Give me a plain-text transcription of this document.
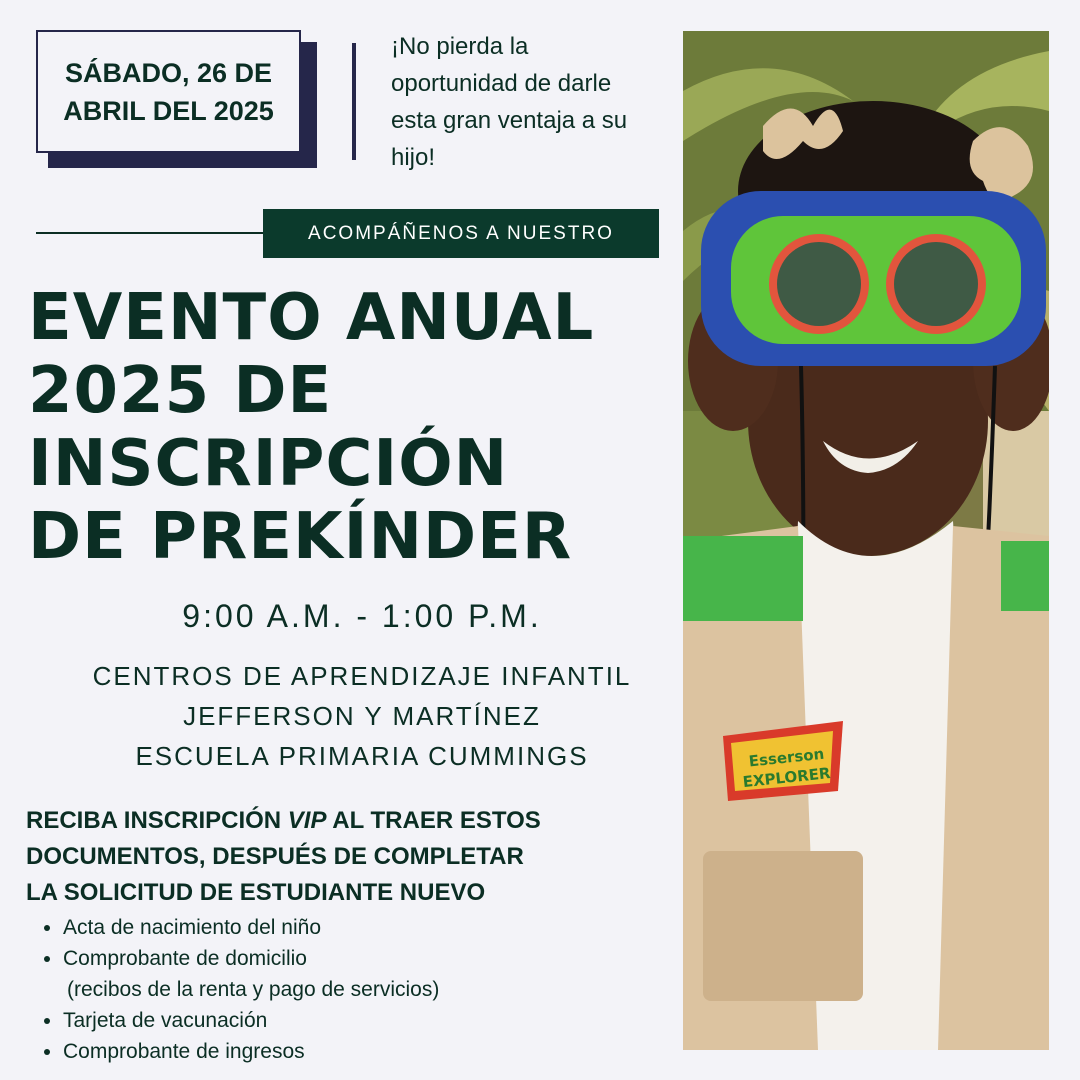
SÁBADO, 26 DE
ABRIL DEL 2025
¡No pierda la oportunidad de darle esta gran ventaja a su hijo!
ACOMPÁÑENOS A NUESTRO
EVENTO ANUAL
2025 DE
INSCRIPCIÓN
DE PREKÍNDER
9:00 A.M. - 1:00 P.M.
CENTROS DE APRENDIZAJE INFANTIL
JEFFERSON Y MARTÍNEZ
ESCUELA PRIMARIA CUMMINGS
RECIBA INSCRIPCIÓN VIP AL TRAER ESTOS
DOCUMENTOS, DESPUÉS DE COMPLETAR
LA SOLICITUD DE ESTUDIANTE NUEVO
Acta de nacimiento del niño
Comprobante de domicilio
(recibos de la renta y pago de servicios)
Tarjeta de vacunación
Comprobante de ingresos
Esserson
EXPLORER
